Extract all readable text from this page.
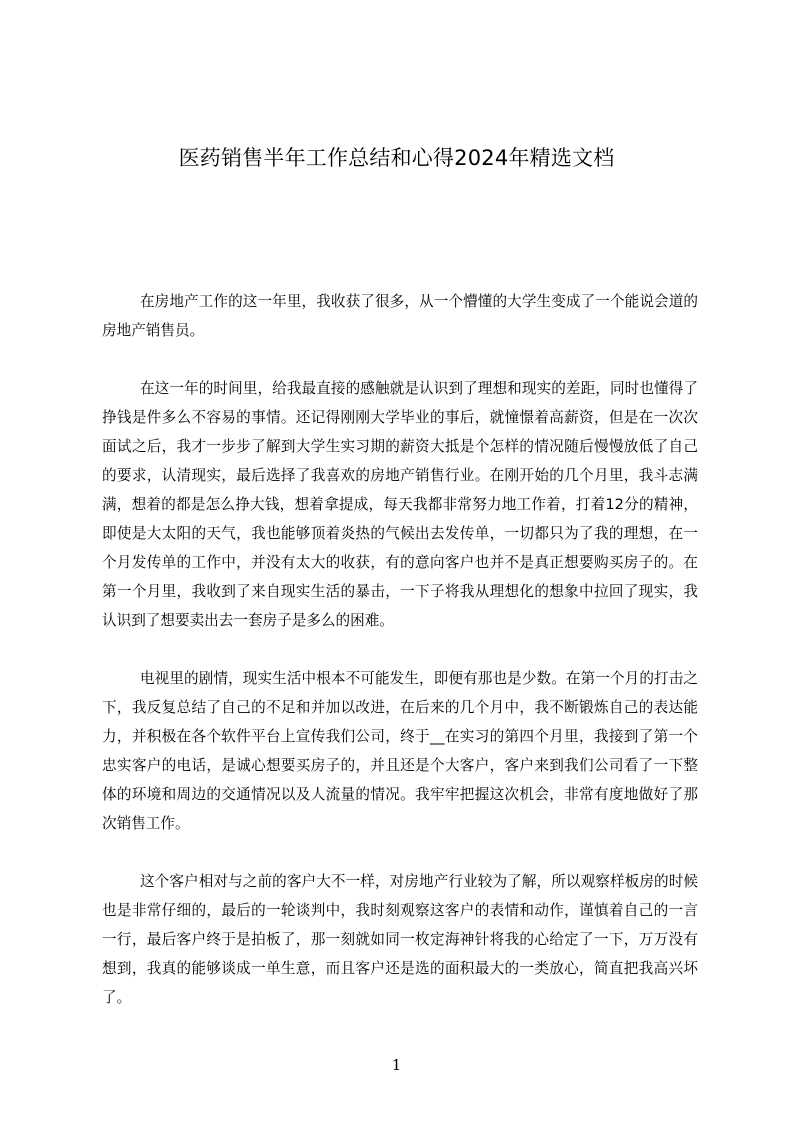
医药销售半年工作总结和心得2024年精选文档

在房地产工作的这一年里，我收获了很多，从一个懵懂的大学生变成了一个能说会道的房地产销售员。

在这一年的时间里，给我最直接的感触就是认识到了理想和现实的差距，同时也懂得了挣钱是件多么不容易的事情。还记得刚刚大学毕业的事后，就憧憬着高薪资，但是在一次次面试之后，我才一步步了解到大学生实习期的薪资大抵是个怎样的情况随后慢慢放低了自己的要求，认清现实，最后选择了我喜欢的房地产销售行业。在刚开始的几个月里，我斗志满满，想着的都是怎么挣大钱，想着拿提成，每天我都非常努力地工作着，打着12分的精神，即使是大太阳的天气，我也能够顶着炎热的气候出去发传单，一切都只为了我的理想，在一个月发传单的工作中，并没有太大的收获，有的意向客户也并不是真正想要购买房子的。在第一个月里，我收到了来自现实生活的暴击，一下子将我从理想化的想象中拉回了现实，我认识到了想要卖出去一套房子是多么的困难。

电视里的剧情，现实生活中根本不可能发生，即便有那也是少数。在第一个月的打击之下，我反复总结了自己的不足和并加以改进，在后来的几个月中，我不断锻炼自己的表达能力，并积极在各个软件平台上宣传我们公司，终于__在实习的第四个月里，我接到了第一个忠实客户的电话，是诚心想要买房子的，并且还是个大客户，客户来到我们公司看了一下整体的环境和周边的交通情况以及人流量的情况。我牢牢把握这次机会，非常有度地做好了那次销售工作。

这个客户相对与之前的客户大不一样，对房地产行业较为了解，所以观察样板房的时候也是非常仔细的，最后的一轮谈判中，我时刻观察这客户的表情和动作，谨慎着自己的一言一行，最后客户终于是拍板了，那一刻就如同一枚定海神针将我的心给定了一下，万万没有想到，我真的能够谈成一单生意，而且客户还是选的面积最大的一类放心，简直把我高兴坏了。

1
